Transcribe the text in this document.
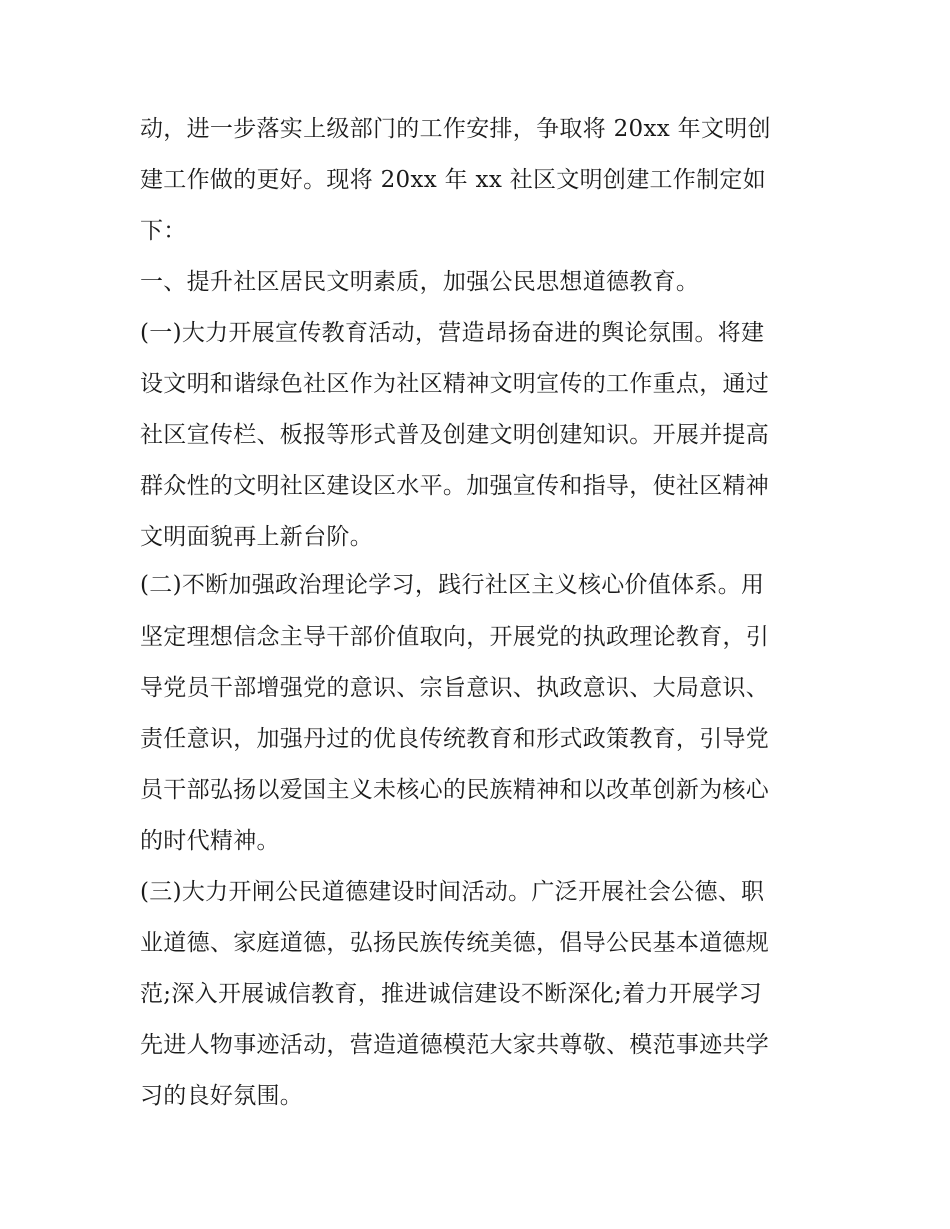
动，进一步落实上级部门的工作安排，争取将 20xx 年文明创
建工作做的更好。现将 20xx 年 xx 社区文明创建工作制定如
下：
一、提升社区居民文明素质，加强公民思想道德教育。
(一)大力开展宣传教育活动，营造昂扬奋进的舆论氛围。将建
设文明和谐绿色社区作为社区精神文明宣传的工作重点，通过
社区宣传栏、板报等形式普及创建文明创建知识。开展并提高
群众性的文明社区建设区水平。加强宣传和指导，使社区精神
文明面貌再上新台阶。
(二)不断加强政治理论学习，践行社区主义核心价值体系。用
坚定理想信念主导干部价值取向，开展党的执政理论教育，引
导党员干部增强党的意识、宗旨意识、执政意识、大局意识、
责任意识，加强丹过的优良传统教育和形式政策教育，引导党
员干部弘扬以爱国主义未核心的民族精神和以改革创新为核心
的时代精神。
(三)大力开闸公民道德建设时间活动。广泛开展社会公德、职
业道德、家庭道德，弘扬民族传统美德，倡导公民基本道德规
范;深入开展诚信教育，推进诚信建设不断深化;着力开展学习
先进人物事迹活动，营造道德模范大家共尊敬、模范事迹共学
习的良好氛围。
